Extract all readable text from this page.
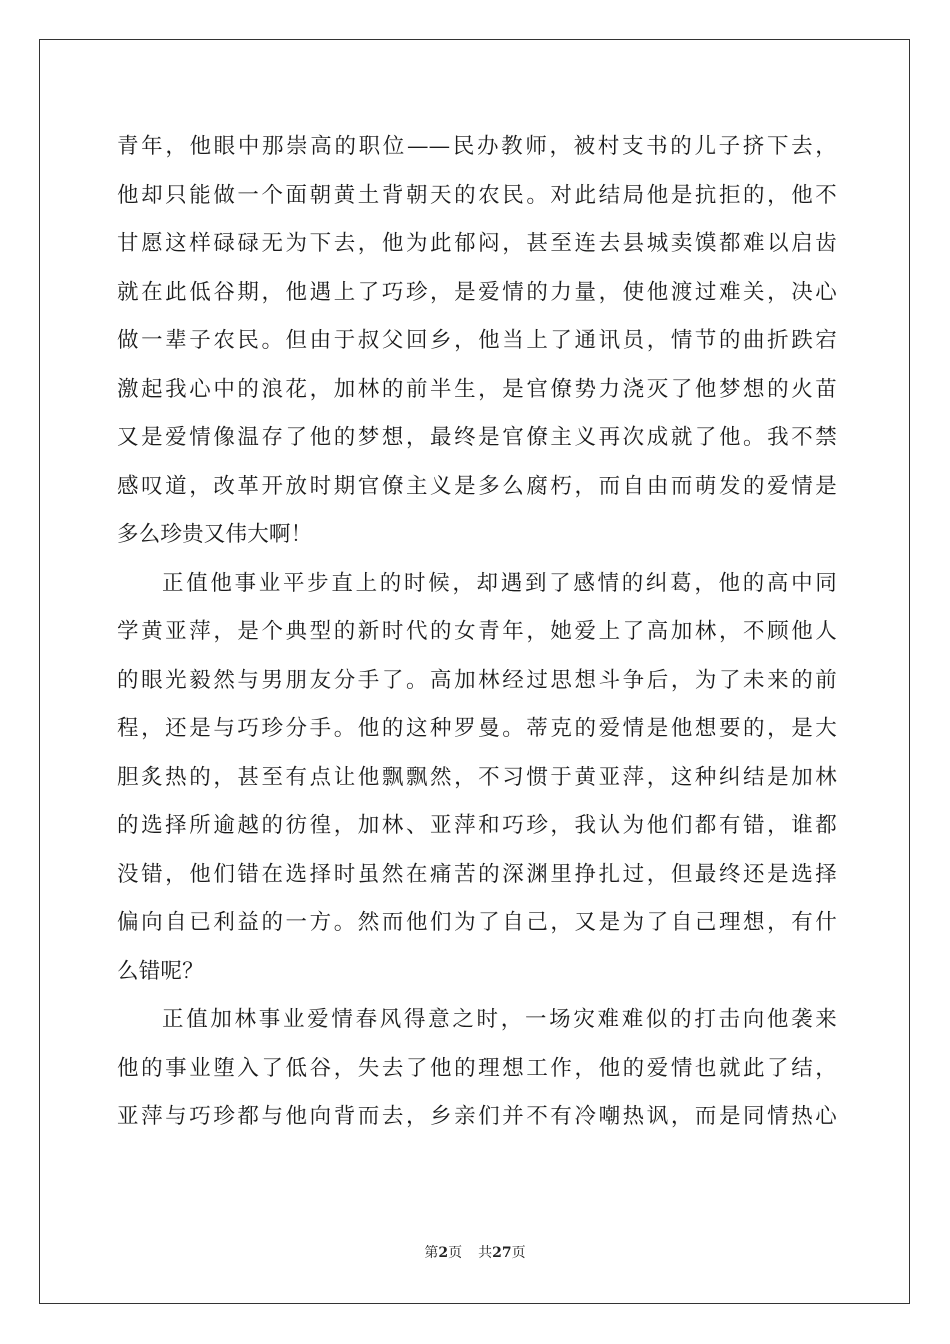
青年，他眼中那崇高的职位——民办教师，被村支书的儿子挤下去，
他却只能做一个面朝黄土背朝天的农民。对此结局他是抗拒的，他不
甘愿这样碌碌无为下去，他为此郁闷，甚至连去县城卖馍都难以启齿
就在此低谷期，他遇上了巧珍，是爱情的力量，使他渡过难关，决心
做一辈子农民。但由于叔父回乡，他当上了通讯员，情节的曲折跌宕
激起我心中的浪花，加林的前半生，是官僚势力浇灭了他梦想的火苗
又是爱情像温存了他的梦想，最终是官僚主义再次成就了他。我不禁
感叹道，改革开放时期官僚主义是多么腐朽，而自由而萌发的爱情是
多么珍贵又伟大啊！
正值他事业平步直上的时候，却遇到了感情的纠葛，他的高中同
学黄亚萍，是个典型的新时代的女青年，她爱上了高加林，不顾他人
的眼光毅然与男朋友分手了。高加林经过思想斗争后，为了未来的前
程，还是与巧珍分手。他的这种罗曼。蒂克的爱情是他想要的，是大
胆炙热的，甚至有点让他飘飘然，不习惯于黄亚萍，这种纠结是加林
的选择所逾越的彷徨，加林、亚萍和巧珍，我认为他们都有错，谁都
没错，他们错在选择时虽然在痛苦的深渊里挣扎过，但最终还是选择
偏向自已利益的一方。然而他们为了自己，又是为了自己理想，有什
么错呢？
正值加林事业爱情春风得意之时，一场灾难难似的打击向他袭来
他的事业堕入了低谷，失去了他的理想工作，他的爱情也就此了结，
亚萍与巧珍都与他向背而去，乡亲们并不有冷嘲热讽，而是同情热心
第2页 共27页
